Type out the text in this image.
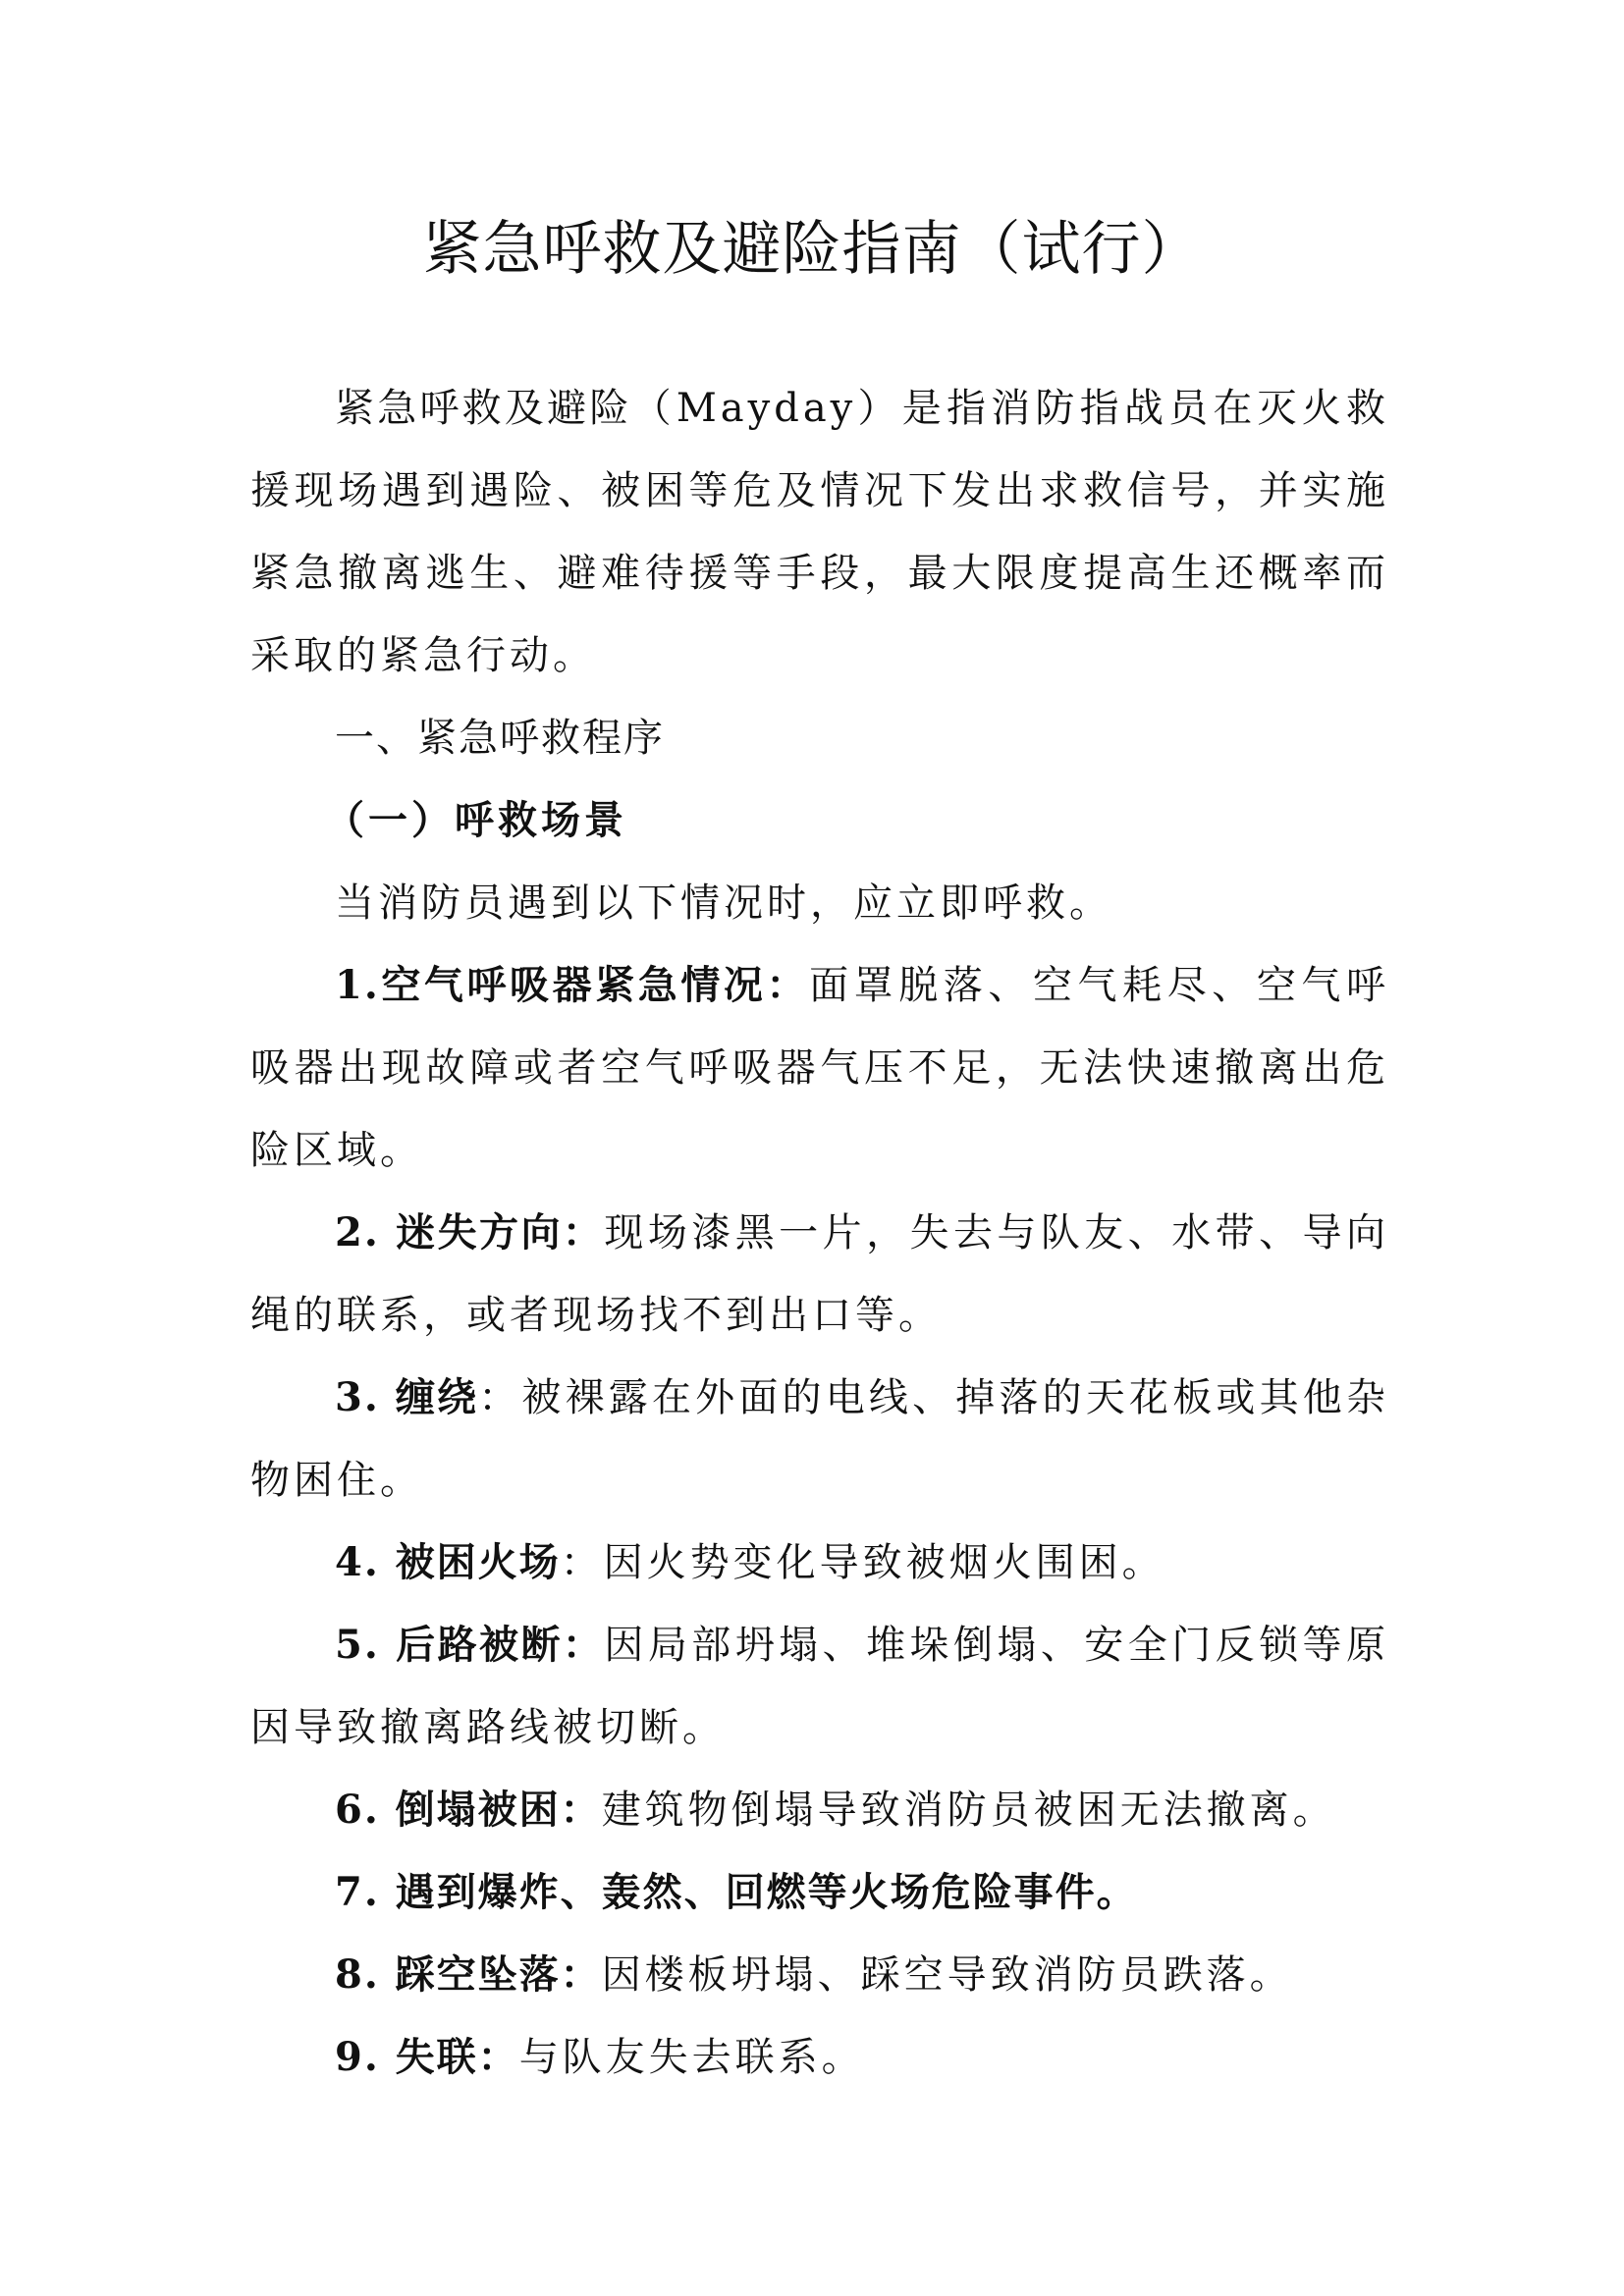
紧急呼救及避险指南（试行）

紧急呼救及避险（Mayday）是指消防指战员在灭火救援现场遇到遇险、被困等危及情况下发出求救信号，并实施紧急撤离逃生、避难待援等手段，最大限度提高生还概率而采取的紧急行动。

一、紧急呼救程序

（一）呼救场景

当消防员遇到以下情况时，应立即呼救。

1.空气呼吸器紧急情况：面罩脱落、空气耗尽、空气呼吸器出现故障或者空气呼吸器气压不足，无法快速撤离出危险区域。

2. 迷失方向：现场漆黑一片，失去与队友、水带、导向绳的联系，或者现场找不到出口等。

3. 缠绕：被裸露在外面的电线、掉落的天花板或其他杂物困住。

4. 被困火场：因火势变化导致被烟火围困。

5. 后路被断：因局部坍塌、堆垛倒塌、安全门反锁等原因导致撤离路线被切断。

6. 倒塌被困：建筑物倒塌导致消防员被困无法撤离。

7. 遇到爆炸、轰然、回燃等火场危险事件。

8. 踩空坠落：因楼板坍塌、踩空导致消防员跌落。

9. 失联：与队友失去联系。
